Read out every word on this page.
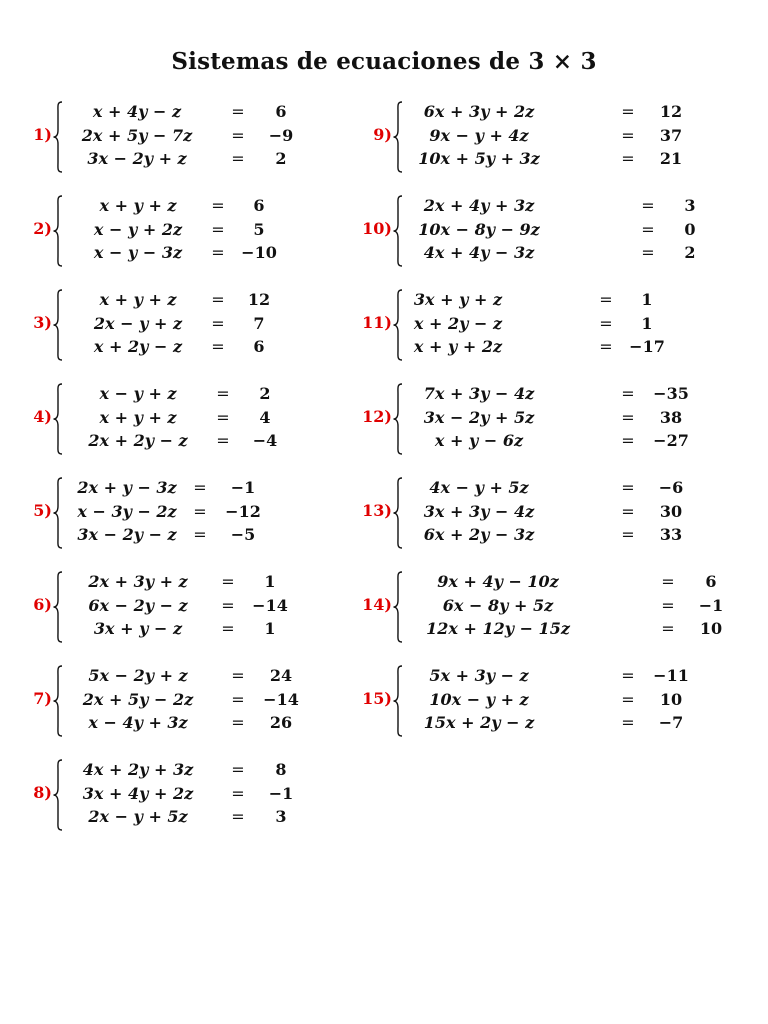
Sistemas de ecuaciones de 3 × 3
1)
x + 4y − z	=	6
2x + 5y − 7z	=	−9
3x − 2y + z	=	2
2)
x + y + z	=	6
x − y + 2z	=	5
x − y − 3z	=	−10
3)
x + y + z	=	12
2x − y + z	=	7
x + 2y − z	=	6
4)
x − y + z	=	2
x + y + z	=	4
2x + 2y − z	=	−4
5)
2x + y − 3z	=	−1
x − 3y − 2z	=	−12
3x − 2y − z	=	−5
6)
2x + 3y + z	=	1
6x − 2y − z	=	−14
3x + y − z	=	1
7)
5x − 2y + z	=	24
2x + 5y − 2z	=	−14
x − 4y + 3z	=	26
8)
4x + 2y + 3z	=	8
3x + 4y + 2z	=	−1
2x − y + 5z	=	3
9)
6x + 3y + 2z	=	12
9x − y + 4z	=	37
10x + 5y + 3z	=	21
10)
2x + 4y + 3z	=	3
10x − 8y − 9z	=	0
4x + 4y − 3z	=	2
11)
3x + y + z	=	1
x + 2y − z	=	1
x + y + 2z	=	−17
12)
7x + 3y − 4z	=	−35
3x − 2y + 5z	=	38
x + y − 6z	=	−27
13)
4x − y + 5z	=	−6
3x + 3y − 4z	=	30
6x + 2y − 3z	=	33
14)
9x + 4y − 10z	=	6
6x − 8y + 5z	=	−1
12x + 12y − 15z	=	10
15)
5x + 3y − z	=	−11
10x − y + z	=	10
15x + 2y − z	=	−7
